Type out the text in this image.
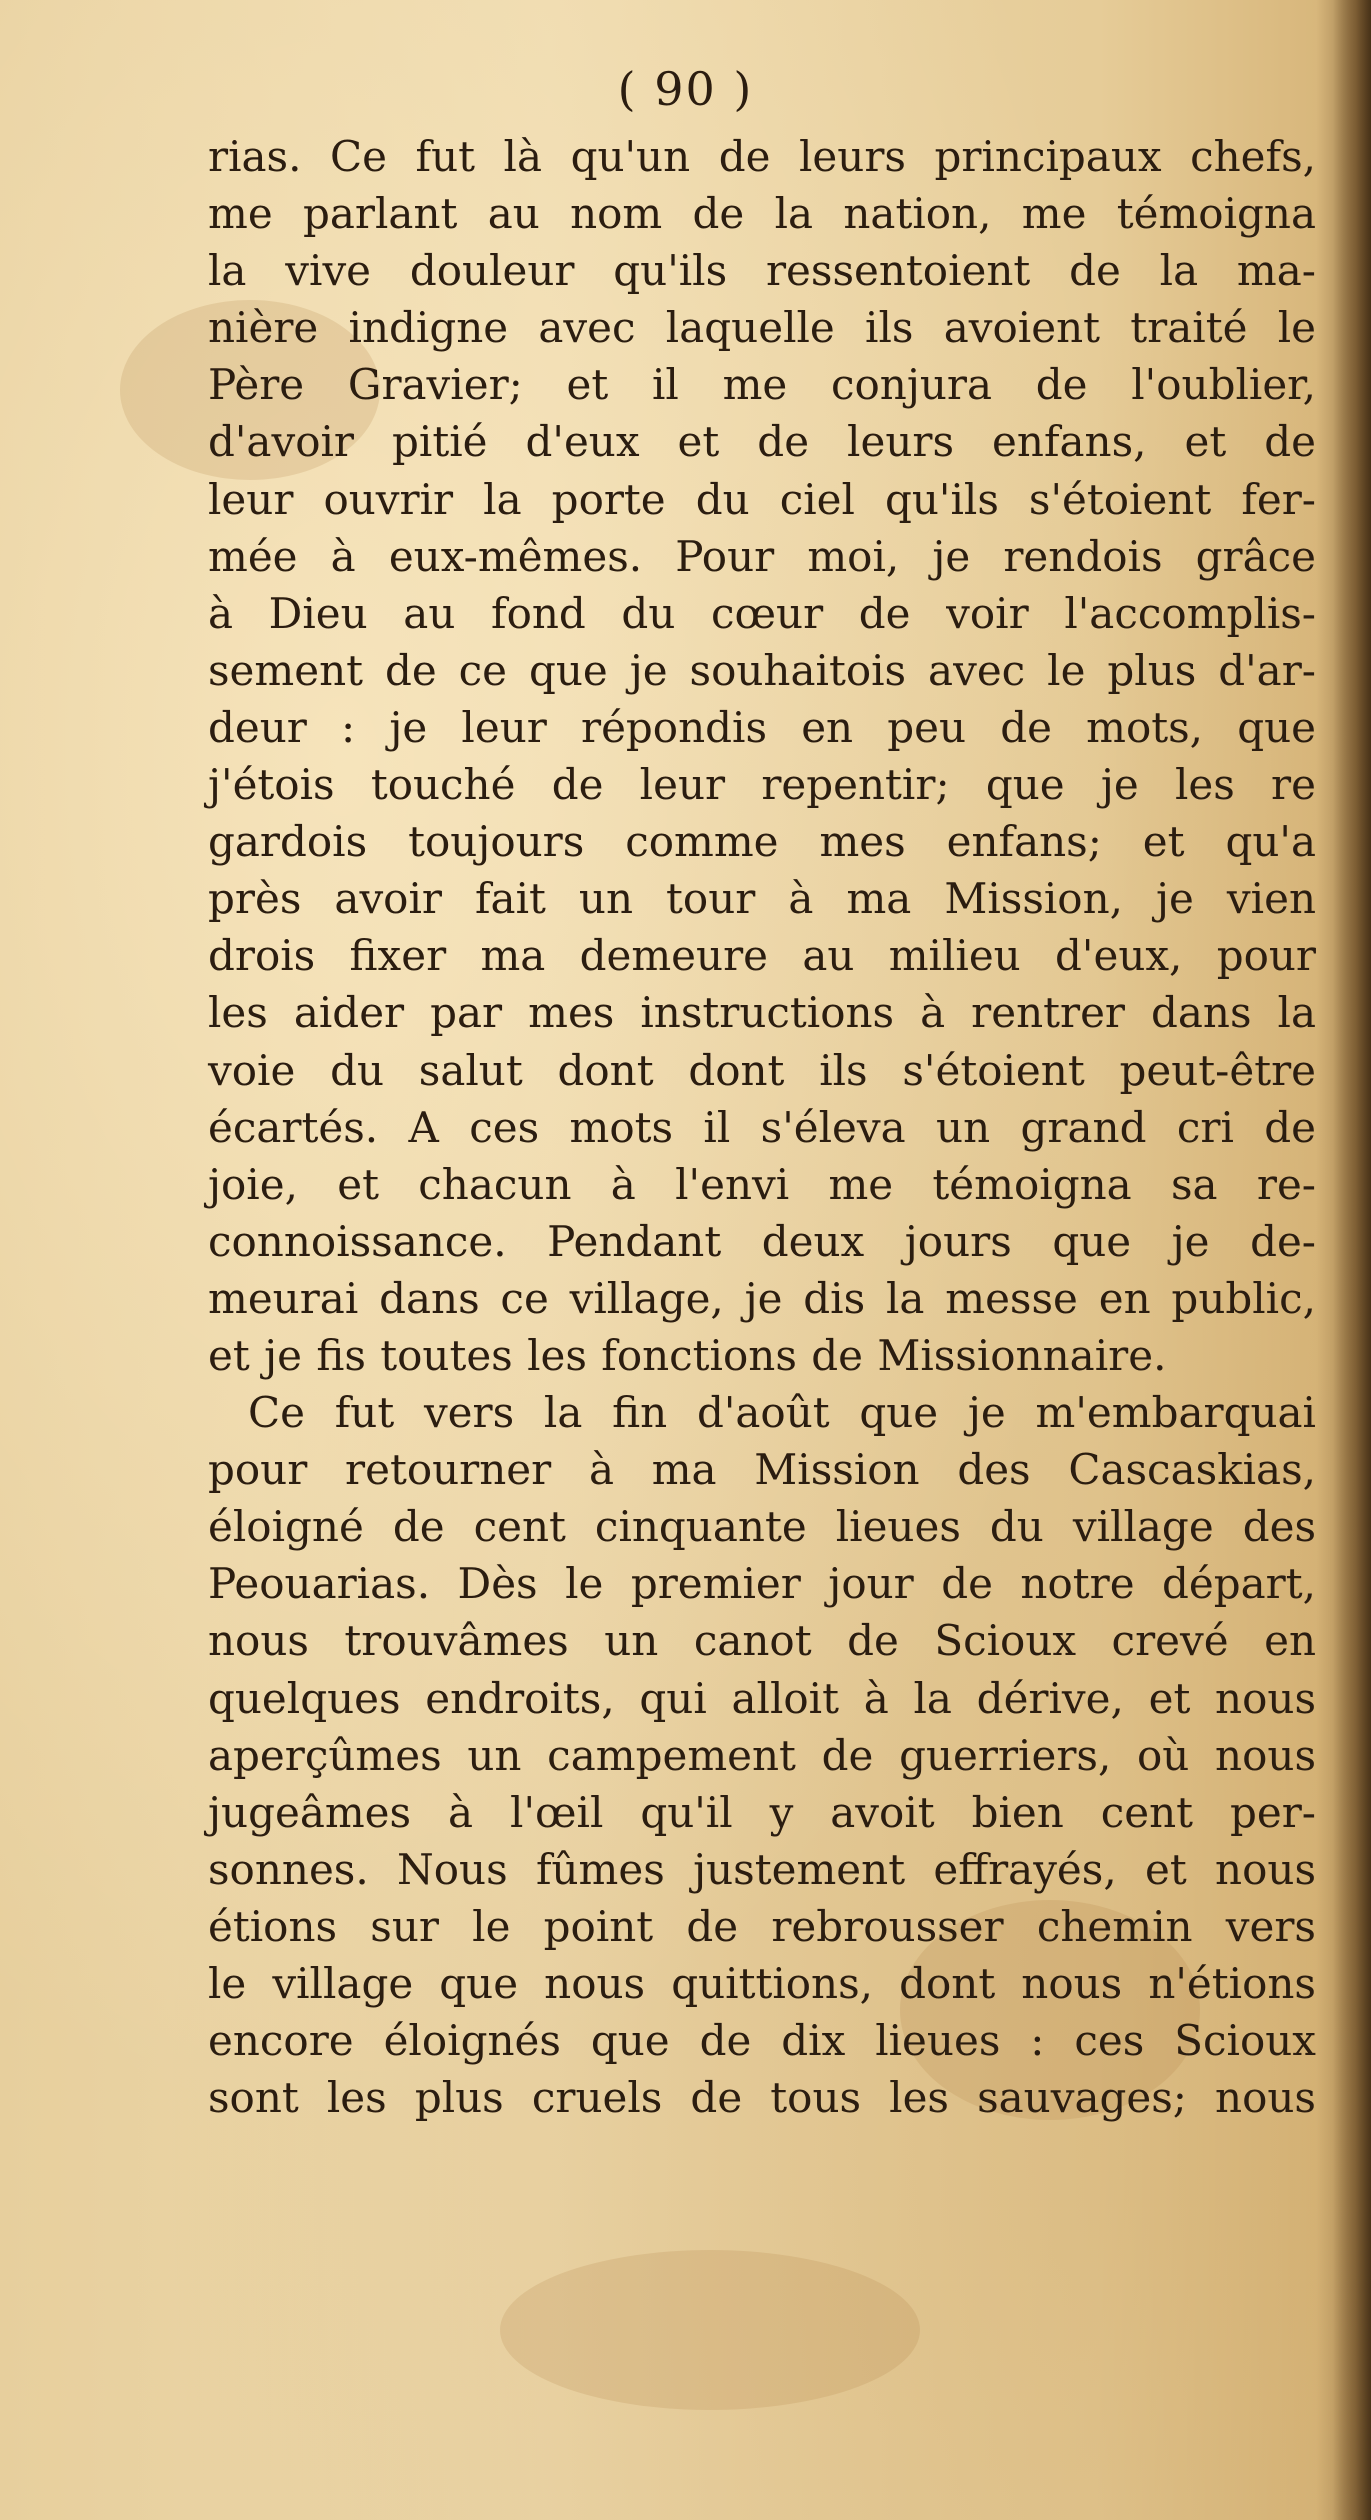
( 90 )
rias. Ce fut là qu'un de leurs principaux chefs,
me parlant au nom de la nation, me témoigna
la vive douleur qu'ils ressentoient de la ma-
nière indigne avec laquelle ils avoient traité le
Père Gravier; et il me conjura de l'oublier,
d'avoir pitié d'eux et de leurs enfans, et de
leur ouvrir la porte du ciel qu'ils s'étoient fer-
mée à eux-mêmes. Pour moi, je rendois grâce
à Dieu au fond du cœur de voir l'accomplis-
sement de ce que je souhaitois avec le plus d'ar-
deur : je leur répondis en peu de mots, que
j'étois touché de leur repentir; que je les re
gardois toujours comme mes enfans; et qu'a
près avoir fait un tour à ma Mission, je vien
drois fixer ma demeure au milieu d'eux, pour
les aider par mes instructions à rentrer dans la
voie du salut dont dont ils s'étoient peut-être
écartés. A ces mots il s'éleva un grand cri de
joie, et chacun à l'envi me témoigna sa re-
connoissance. Pendant deux jours que je de-
meurai dans ce village, je dis la messe en public,
et je fis toutes les fonctions de Missionnaire.
Ce fut vers la fin d'août que je m'embarquai
pour retourner à ma Mission des Cascaskias,
éloigné de cent cinquante lieues du village des
Peouarias. Dès le premier jour de notre départ,
nous trouvâmes un canot de Scioux crevé en
quelques endroits, qui alloit à la dérive, et nous
aperçûmes un campement de guerriers, où nous
jugeâmes à l'œil qu'il y avoit bien cent per-
sonnes. Nous fûmes justement effrayés, et nous
étions sur le point de rebrousser chemin vers
le village que nous quittions, dont nous n'étions
encore éloignés que de dix lieues : ces Scioux
sont les plus cruels de tous les sauvages; nous
